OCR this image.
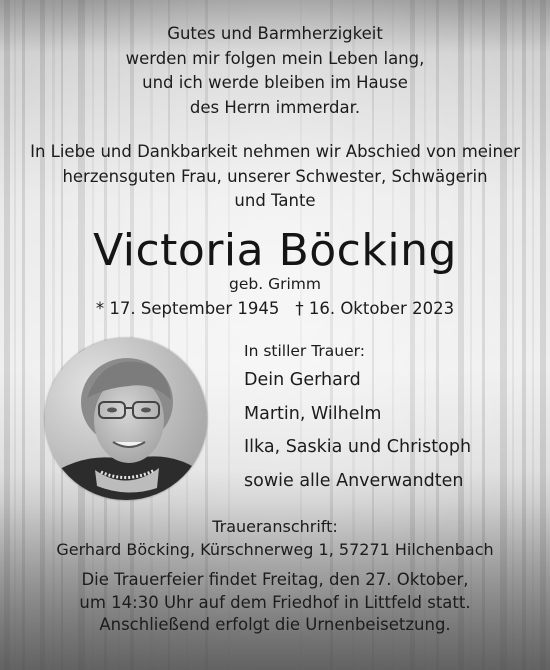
Gutes und Barmherzigkeit
werden mir folgen mein Leben lang,
und ich werde bleiben im Hause
des Herrn immerdar.
In Liebe und Dankbarkeit nehmen wir Abschied von meiner
herzensguten Frau, unserer Schwester, Schwägerin
und Tante
Victoria Böcking
geb. Grimm
* 17. September 1945 † 16. Oktober 2023
In stiller Trauer:
Dein Gerhard
Martin, Wilhelm
Ilka, Saskia und Christoph
sowie alle Anverwandten
Traueranschrift:
Gerhard Böcking, Kürschnerweg 1, 57271 Hilchenbach
Die Trauerfeier findet Freitag, den 27. Oktober,
um 14:30 Uhr auf dem Friedhof in Littfeld statt.
Anschließend erfolgt die Urnenbeisetzung.
